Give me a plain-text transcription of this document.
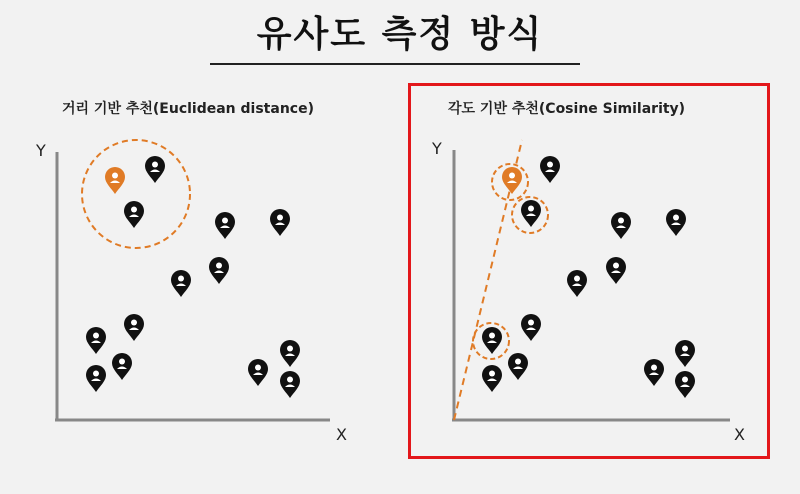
유사도 측정 방식
거리 기반 추천(Euclidean distance)	각도 기반 추천(Cosine Similarity)
Y
X
Y
X
